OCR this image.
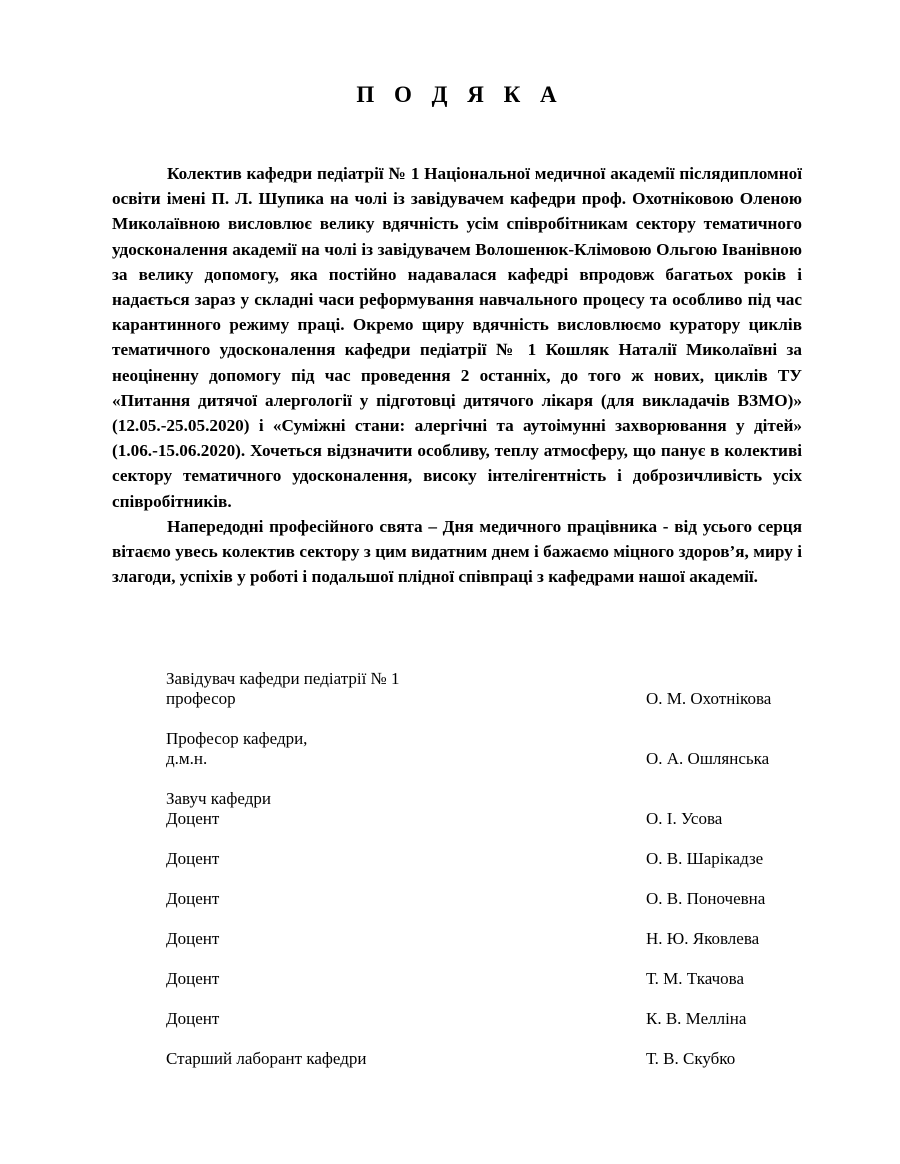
П О Д Я К А

Колектив кафедри педіатрії № 1 Національної медичної академії післядипломної освіти імені П. Л. Шупика на чолі із завідувачем кафедри проф. Охотніковою Оленою Миколаївною висловлює велику вдячність усім співробітникам сектору тематичного удосконалення академії на чолі із завідувачем Волошенюк-Клімовою Ольгою Іванівною за велику допомогу, яка постійно надавалася кафедрі впродовж багатьох років і надається зараз у складні часи реформування навчального процесу та особливо під час карантинного режиму праці. Окремо щиру вдячність висловлюємо куратору циклів тематичного удосконалення кафедри педіатрії № 1 Кошляк Наталії Миколаївні за неоціненну допомогу під час проведення 2 останніх, до того ж нових, циклів ТУ «Питання дитячої алергології у підготовці дитячого лікаря (для викладачів ВЗМО)» (12.05.-25.05.2020) і «Суміжні стани: алергічні та аутоімунні захворювання у дітей» (1.06.-15.06.2020). Хочеться відзначити особливу, теплу атмосферу, що панує в колективі сектору тематичного удосконалення, високу інтелігентність і доброзичливість усіх співробітників.

Напередодні професійного свята – Дня медичного працівника - від усього серця вітаємо увесь колектив сектору з цим видатним днем і бажаємо міцного здоров’я, миру і злагоди, успіхів у роботі і подальшої плідної співпраці з кафедрами нашої академії.

Завідувач кафедри педіатрії № 1
професор	О. М. Охотнікова
Професор кафедри,
д.м.н.	О. А. Ошлянська
Завуч кафедри
Доцент	О. І. Усова
Доцент	О. В. Шарікадзе
Доцент	О. В. Поночевна
Доцент	Н. Ю. Яковлева
Доцент	Т. М. Ткачова
Доцент	К. В. Мелліна
Старший лаборант кафедри	Т. В. Скубко
